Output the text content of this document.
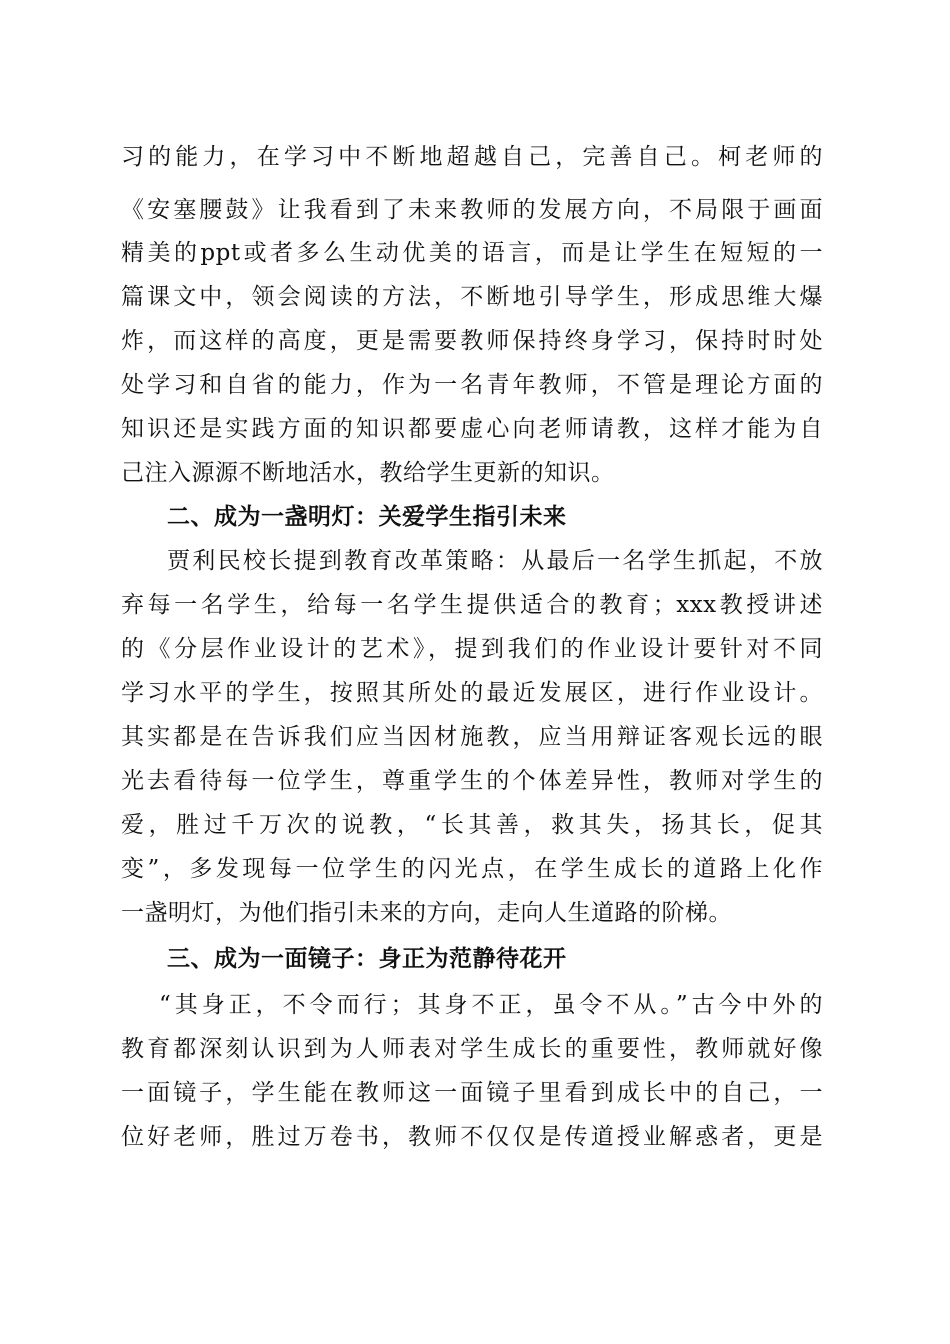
习的能力，在学习中不断地超越自己，完善自己。柯老师的
《安塞腰鼓》让我看到了未来教师的发展方向，不局限于画面
精美的ppt或者多么生动优美的语言，而是让学生在短短的一
篇课文中，领会阅读的方法，不断地引导学生，形成思维大爆
炸，而这样的高度，更是需要教师保持终身学习，保持时时处
处学习和自省的能力，作为一名青年教师，不管是理论方面的
知识还是实践方面的知识都要虚心向老师请教，这样才能为自
己注入源源不断地活水，教给学生更新的知识。
二、成为一盏明灯：关爱学生指引未来
贾利民校长提到教育改革策略：从最后一名学生抓起，不放
弃每一名学生，给每一名学生提供适合的教育；xxx教授讲述
的《分层作业设计的艺术》，提到我们的作业设计要针对不同
学习水平的学生，按照其所处的最近发展区，进行作业设计。
其实都是在告诉我们应当因材施教，应当用辩证客观长远的眼
光去看待每一位学生，尊重学生的个体差异性，教师对学生的
爱，胜过千万次的说教，“长其善，救其失，扬其长，促其
变”，多发现每一位学生的闪光点，在学生成长的道路上化作
一盏明灯，为他们指引未来的方向，走向人生道路的阶梯。
三、成为一面镜子：身正为范静待花开
“其身正，不令而行；其身不正，虽令不从。”古今中外的
教育都深刻认识到为人师表对学生成长的重要性，教师就好像
一面镜子，学生能在教师这一面镜子里看到成长中的自己，一
位好老师，胜过万卷书，教师不仅仅是传道授业解惑者，更是
